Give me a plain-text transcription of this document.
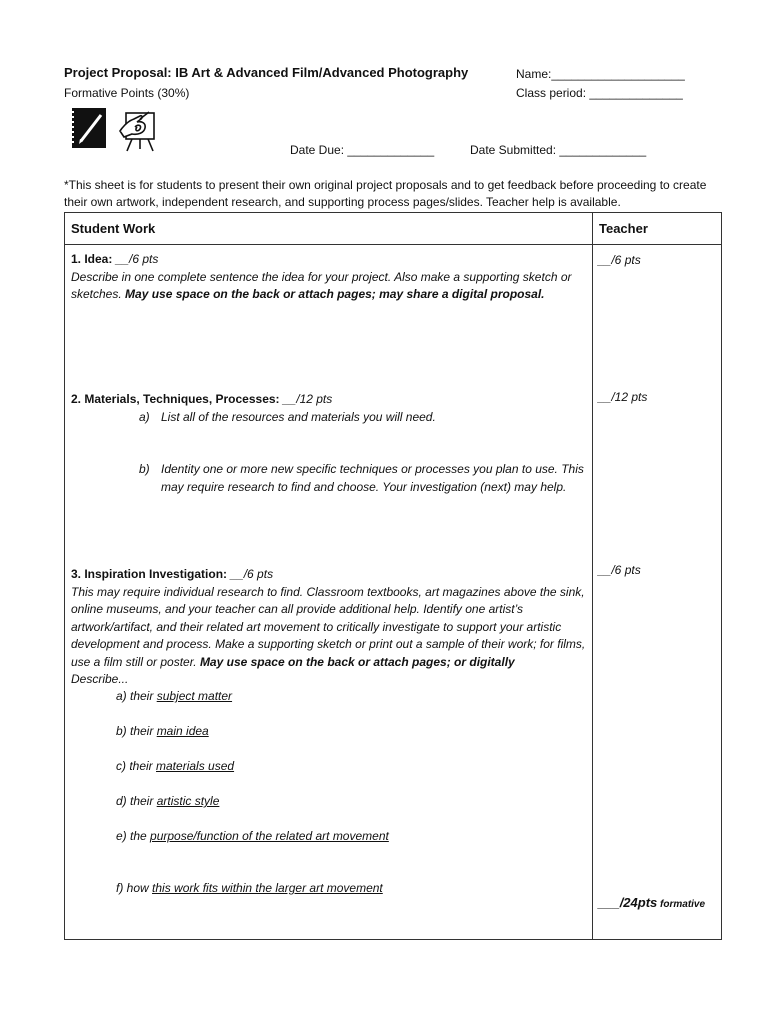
Project Proposal: IB Art & Advanced Film/Advanced Photography
Formative Points (30%)
Name:____________________
Class period: ______________
Date Due: _____________	Date Submitted: _____________
*This sheet is for students to present their own original project proposals and to get feedback before proceeding to create their own artwork, independent research, and supporting process pages/slides. Teacher help is available.
Student Work	Teacher
1. Idea: __/6 pts
Describe in one complete sentence the idea for your project. Also make a supporting sketch or sketches. May use space on the back or attach pages; may share a digital proposal.
__/6 pts
2. Materials, Techniques, Processes: __/12 pts
a) List all of the resources and materials you will need.
b) Identity one or more new specific techniques or processes you plan to use. This may require research to find and choose. Your investigation (next) may help.
__/12 pts
3. Inspiration Investigation: __/6 pts
This may require individual research to find. Classroom textbooks, art magazines above the sink, online museums, and your teacher can all provide additional help. Identify one artist’s artwork/artifact, and their related art movement to critically investigate to support your artistic development and process. Make a supporting sketch or print out a sample of their work; for films, use a film still or poster. May use space on the back or attach pages; or digitally
Describe...
__/6 pts
a) their subject matter
b) their main idea
c) their materials used
d) their artistic style
e) the purpose/function of the related art movement
f) how this work fits within the larger art movement
___/24pts formative
